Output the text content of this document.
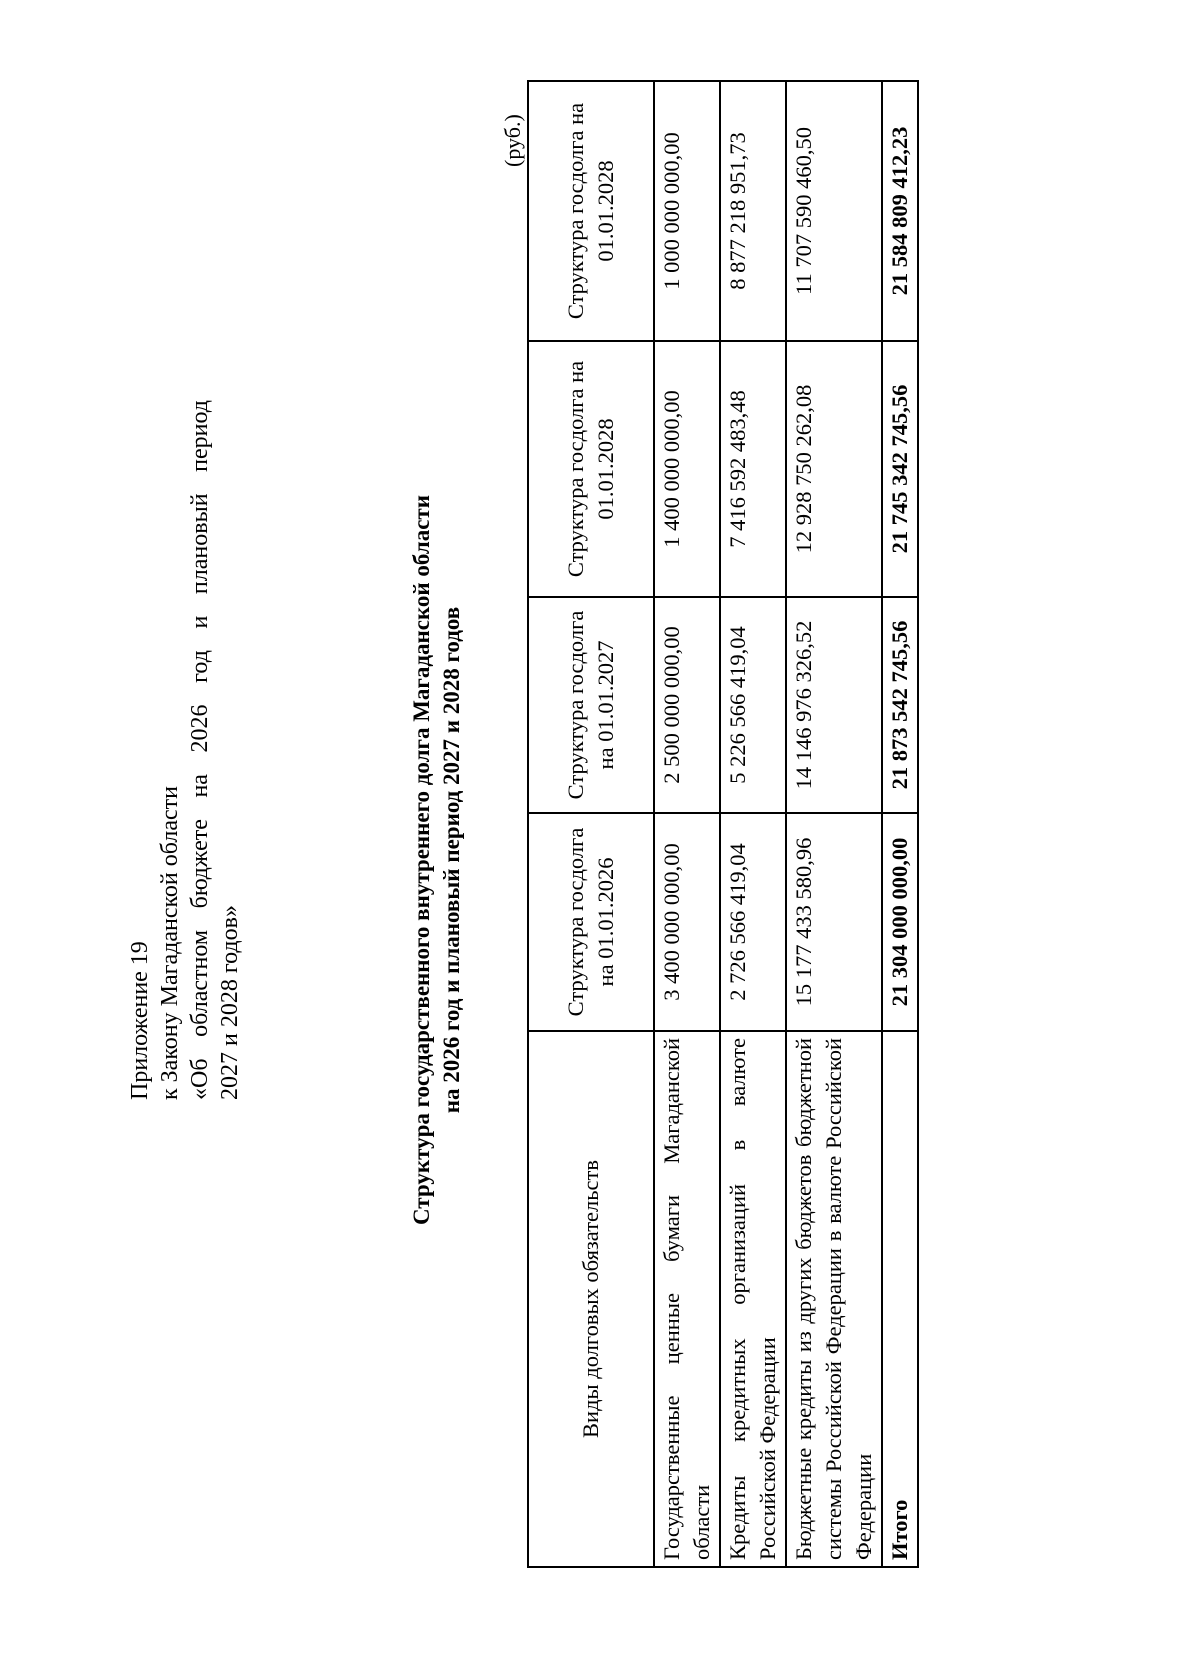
Приложение 19 к Закону Магаданской области «Об областном бюджете на 2026 год и плановый период 2027 и 2028 годов»	Структура государственного внутреннего долга Магаданской области на 2026 год и плановый период 2027 и 2028 годов
(руб.)
Виды долговых обязательств	Структура госдолга на 01.01.2026	Структура госдолга на 01.01.2027	Структура госдолга на 01.01.2028	Структура госдолга на 01.01.2028
Государственные ценные бумаги Магаданской области	3 400 000 000,00	2 500 000 000,00	1 400 000 000,00	1 000 000 000,00
Кредиты кредитных организаций в валюте Российской Федерации	2 726 566 419,04	5 226 566 419,04	7 416 592 483,48	8 877 218 951,73
Бюджетные кредиты из других бюджетов бюджетной системы Российской Федерации в валюте Российской Федерации	15 177 433 580,96	14 146 976 326,52	12 928 750 262,08	11 707 590 460,50
Итого	21 304 000 000,00	21 873 542 745,56	21 745 342 745,56	21 584 809 412,23
